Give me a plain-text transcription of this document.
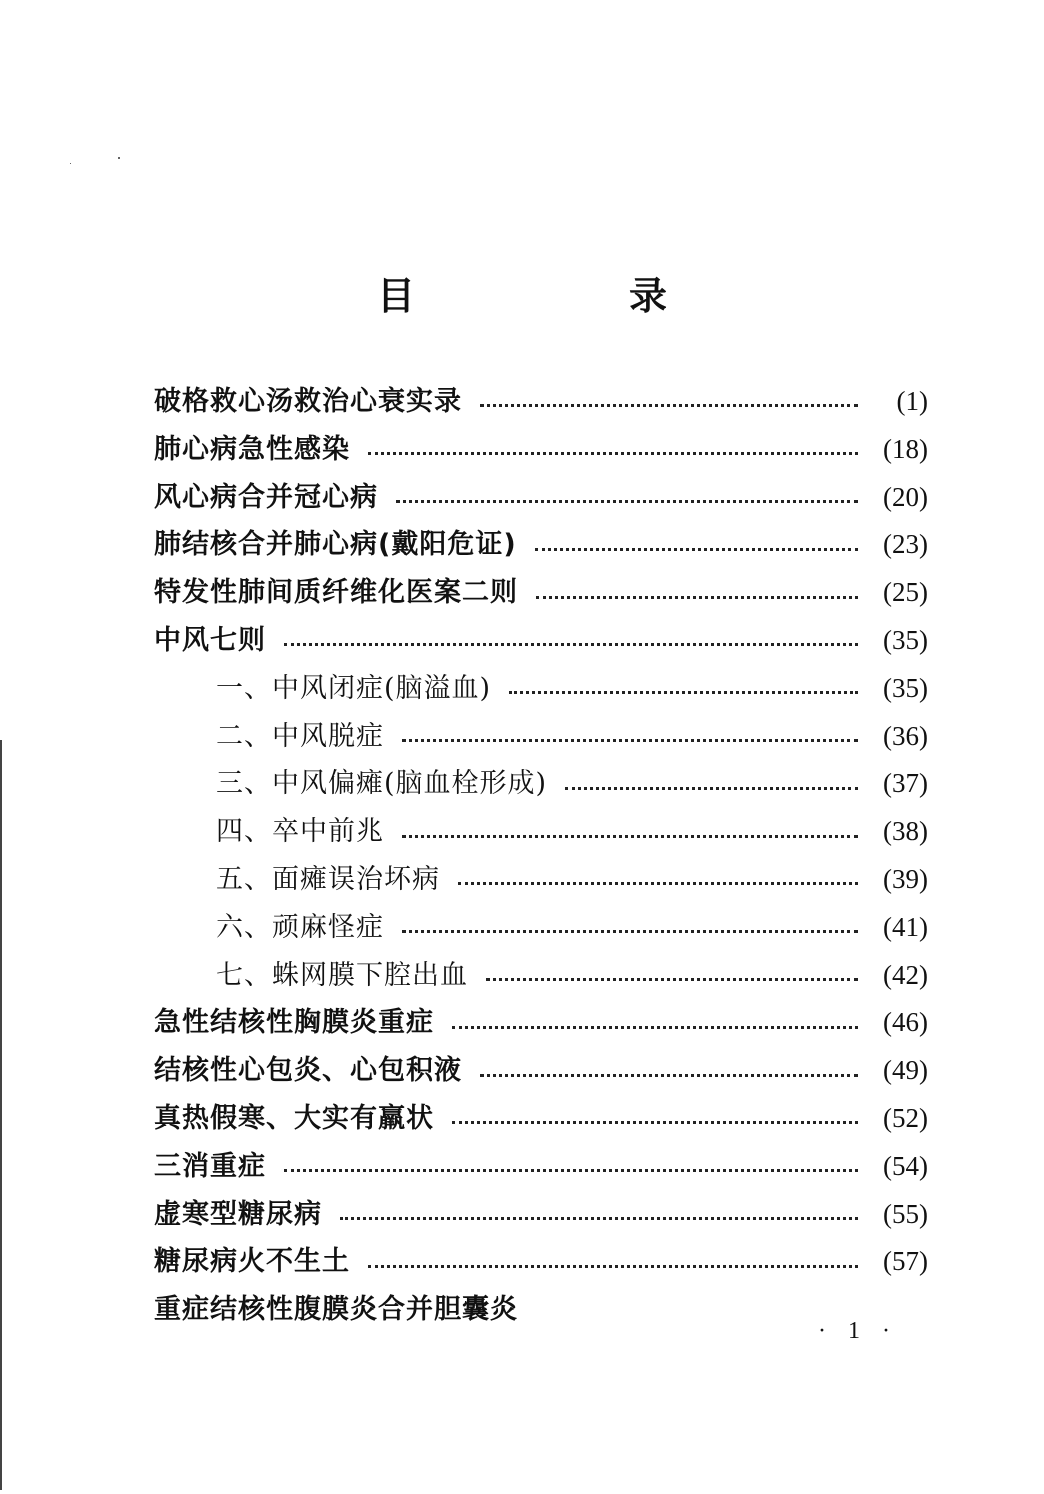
目　录
破格救心汤救治心衰实录	(1)
肺心病急性感染	(18)
风心病合并冠心病	(20)
肺结核合并肺心病(戴阳危证)	(23)
特发性肺间质纤维化医案二则	(25)
中风七则	(35)
一、中风闭症(脑溢血)	(35)
二、中风脱症	(36)
三、中风偏瘫(脑血栓形成)	(37)
四、卒中前兆	(38)
五、面瘫误治坏病	(39)
六、顽麻怪症	(41)
七、蛛网膜下腔出血	(42)
急性结核性胸膜炎重症	(46)
结核性心包炎、心包积液	(49)
真热假寒、大实有羸状	(52)
三消重症	(54)
虚寒型糖尿病	(55)
糖尿病火不生土	(57)
重症结核性腹膜炎合并胆囊炎
· 1 ·
